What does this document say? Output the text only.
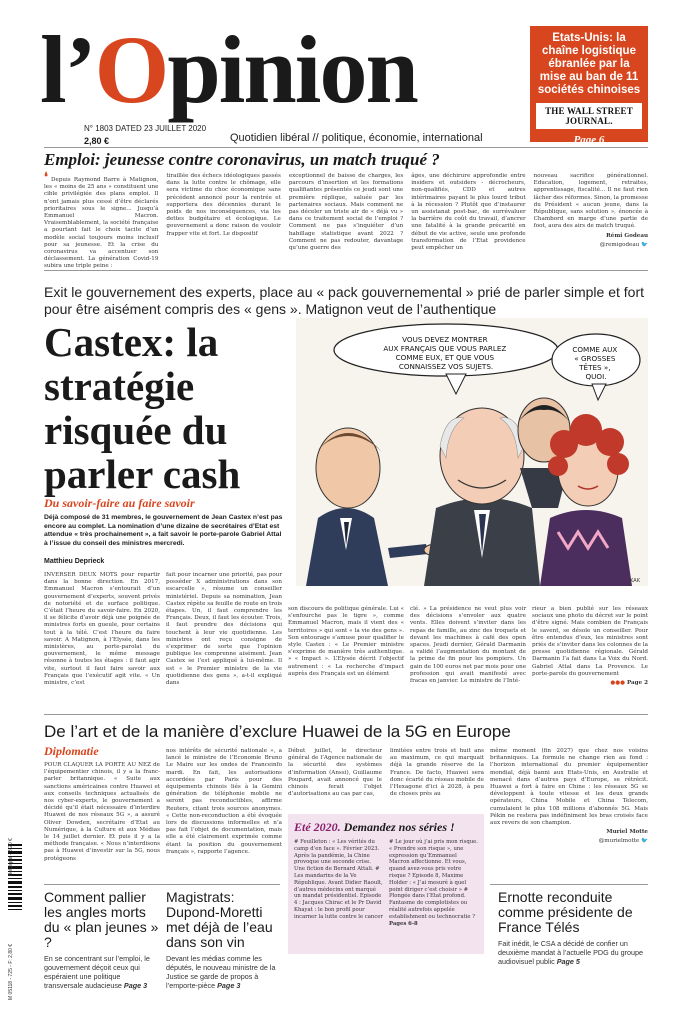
l’Opinion
N° 1803 DATED 23 JUILLET 2020
2,80 €	Quotidien libéral // politique, économie, international
Etats-Unis: la chaîne logistique ébranlée par la mise au ban de 11 sociétés chinoises
THE WALL STREET JOURNAL.
Page 6
Emploi: jeunesse contre coronavirus, un match truqué ?
❛ Depuis Raymond Barre à Matignon, les « moins de 25 ans » constituent une cible privilégiée des plans emploi. Il n’ont jamais plus cessé d’être déclarés prioritaires sous le signe... Jusqu’à Emmanuel Macron. Vraisemblablement, la société française a pourtant fait le choix tacite d’un modèle social toujours moins inclusif pour sa jeunesse. Et la crise du coronavirus va accentuer son déclassement. La génération Covid-19 subira une triple peine :
tiraillée des échecs idéologiques passés dans la lutte contre le chômage, elle sera victime du choc économique sans précédent annoncé pour la rentrée et supportera des décennies durant le poids de nos inconséquences, via les dettes budgétaire et écologique. Le gouvernement a donc raison de vouloir frapper vite et fort. Le dispositif
exceptionnel de baisse de charges, les parcours d’insertion et les formations qualifiantes présentés ce jeudi sont une première réplique, saluée par les partenaires sociaux. Mais comment ne pas déceler un triste air de « déjà vu » dans ce traitement social de l’emploi ? Comment ne pas s’inquiéter d’un habillage statistique avant 2022 ? Comment ne pas redouter, davantage qu’une guerre des
âges, une déchirure approfondie entre insiders et outsiders - décrocheurs, non-qualifiés, CDD et autres intérimaires payant le plus lourd tribut à la récession ? Plutôt que d’instaurer un assistanat post-bac, de surrévaluer la barrière du coût du travail, d’ancrer une fatalité à la grande précarité en début de vie active, seule une profonde transformation de l’Etat providence peut empêcher un
nouveau sacrifice générationnel. Education, logement, retraites, apprentissage, fiscalité... Il ne faut rien lâcher des réformes. Sinon, la promesse du Président « aucun jeune, dans la République, sans solution », énoncée à Chambord en marge d’une partie de foot, aura des airs de match truqué.
Rémi Godeau
@remigodeau 🐦
Exit le gouvernement des experts, place au « pack gouvernemental » prié de parler simple et fort pour être aisément compris des « gens ». Matignon veut de l’authentique
Castex: la stratégie risquée du parler cash
Du savoir-faire au faire savoir
Déjà composé de 31 membres, le gouvernement de Jean Castex n’est pas encore au complet. La nomination d’une dizaine de secrétaires d’Etat est attendue « très prochainement », a fait savoir le porte-parole Gabriel Attal à l’issue du conseil des ministres mercredi.
Matthieu Deprieck
VOUS DEVEZ MONTRER AUX FRANÇAIS QUE VOUS PARLEZ COMME EUX, ET QUE VOUS CONNAISSEZ VOS SUJETS.
COMME AUX « GROSSES TÊTES », QUOI.
KAK
INVERSER DEUX MOTS pour repartir dans la bonne direction. En 2017, Emmanuel Macron s’entourait d’un gouvernement d’experts, souvent privés de notoriété et de surface politique. C’était l’heure du savoir-faire. En 2020, il se félicite d’avoir déjà une poignée de ministres forts en gueule, pour certains tout à la télé. C’est l’heure du faire savoir. A Matignon, à l’Elysée, dans les ministères, au porte-parolat du gouvernement, le même message résonne à toutes les étages : il faut agir vite, surtout il faut faire savoir aux Français que l’exécutif agit vite. « Un ministre, c’est
fait pour incarner une priorité, pas pour posséder X administrations dans son escarcelle », résume un conseiller ministériel. Depuis sa nomination, Jean Castex répète sa feuille de route en trois étapes. Un, il faut comprendre les Français. Deux, il faut les écouter. Trois, il faut prendre des décisions qui touchent à leur vie quotidienne. Les ministres ont reçu consigne de s’exprimer de sorte que l’opinion publique les comprenne aisément. Jean Castex se l’est appliqué à lui-même. Il est « le Premier ministre de la vie quotidienne des gens », a-t-il expliqué dans
son discours de politique générale. Lui « s’enfourche pas le tigre », comme Emmanuel Macron, mais il vient des « territoires » qui sont « la vie des gens ». Son entourage s’amuse pour qualifier le style Castex : « Le Premier ministre s’exprime de manière très authentique. » « Impact ». L’Elysée décrit l’objectif autrement : « La recherche d’impact auprès des Français est un élément
clé. » La présidence ne veut plus voir des décisions s’envoler aux quatre vents. Elles doivent s’inviter dans les repas de famille, au zinc des troquets et devant les machines à café des open spaces. Jeudi dernier, Gérald Darmanin a validé l’augmentation du montant de la prime de fin pour les pompiers. Un gain de 100 euros net par mois pour une profession qui avait manifesté avec fracas en janvier. Le ministre de l’Inté-
rieur a bien publié sur les réseaux sociaux une photo du décret sur le point d’être signé. Mais combien de Français le savent, se désole un conseiller. Pour être entendus d’eux, les ministres sont priés de s’inviter dans les colonnes de la presse quotidienne régionale. Gérald Darmanin l’a fait dans La Voix du Nord. Gabriel Attal dans La Provence. Le porte-parole du gouvernement
●●● Page 2
De l’art et de la manière d’exclure Huawei de la 5G en Europe
Diplomatie
POUR CLAQUER LA PORTE AU NEZ de l’équipementier chinois, il y a la franc-parler britannique. « Suite aux sanctions américaines contre Huawei et aux conseils techniques actualisés de nos cyber-experts, le gouvernement a décidé qu’il était nécessaire d’interdire Huawei de nos réseaux 5G », a assuré Oliver Dowden, secrétaire d’Etat au Numérique, à la Culture et aux Médias le 14 juillet dernier. Et puis il y a la méthode française. « Nous n’interdisons pas à Huawei d’investir sur la 5G, nous protégeons
nos intérêts de sécurité nationale », a lancé le ministre de l’Economie Bruno Le Maire sur les ondes de Franceinfo mardi. En fait, les autorisations accordées par Paris pour des équipements chinois liés à la Gemini génération de téléphonie mobile ne seront pas reconductibles, affirme Reuters, citant trois sources anonymes. « Cette non-reconduction a été évoquée lors de discussions informelles et n’a pas fait l’objet de documentation, mais elle a été clairement exprimée comme étant la position du gouvernement français », rapporte l’agence.
Début juillet, le directeur général de l’Agence nationale de la sécurité des systèmes d’information (Anssi), Guillaume Poupard, avait annoncé que le chinois ferait l’objet d’autorisations au cas par cas,
limitées entre trois et huit ans au maximum, ce qui marquait déjà la grande réserve de la France. De facto, Huawei sera donc écarté du réseau mobile de l’Hexagone d’ici à 2028, à peu de choses près au
même moment (fin 2027) que chez nos voisins britanniques. La formule ne change rien au fond : l’horizon international du premier équipementier mondial, déjà banni aux Etats-Unis, en Australie et menacé dans d’autres pays d’Europe, se rétrécit. Huawei a fort à faire en Chine : les réseaux 5G se développent à toute vitesse et les deux grands opérateurs, China Mobile et China Telecom, cumulaient le plus 108 millions d’abonnés 5G. Mais Pékin ne restera pas indéfiniment les bras croisés face aux revers de son champion.
Muriel Motte
@murielmotte 🐦
Eté 2020. Demandez nos séries !
# Feuilleton : « Les vérités du camp d’en face ». Février 2023. Après la pandémie, la Chine provoque une seconde crise. Une fiction de Bernard Attali. # Les mandarins de la Ve République. Avant Didier Raoult, d’autres médecins ont marqué un mandat présidentiel. Episode 4 : Jacques Chirac et le Pr David Khayat : le bon profil pour incarner la lutte contre le cancer
# Le jour où j’ai pris mon risque. « Prendre son risque », une expression qu’Emmanuel Macron affectionne. Et vous, quand avez-vous pris votre risque ? Episode 8, Maxime Holder : « J’ai mesuré à quel point diriger c’est choisir » # Plongée dans l’Etat profond. Fantasme de complotistes ou réalité autrefois appelée establishment ou technocratie ? Pages 6-8
Comment pallier les angles morts du « plan jeunes » ?
En se concentrant sur l’emploi, le gouvernement déçoit ceux qui espéraient une politique transversale audacieuse Page 3
Magistrats: Dupond-Moretti met déjà de l’eau dans son vin
Devant les médias comme les députés, le nouveau ministre de la Justice se garde de propos à l’emporte-pièce Page 3
Ernotte reconduite comme présidente de France Télés
Fait inédit, le CSA a décidé de confier un deuxième mandat à l’actuelle PDG du groupe audiovisuel public Page 5
M 05118 - 725 - F: 2,80 €
Belgique - 3,20 €
